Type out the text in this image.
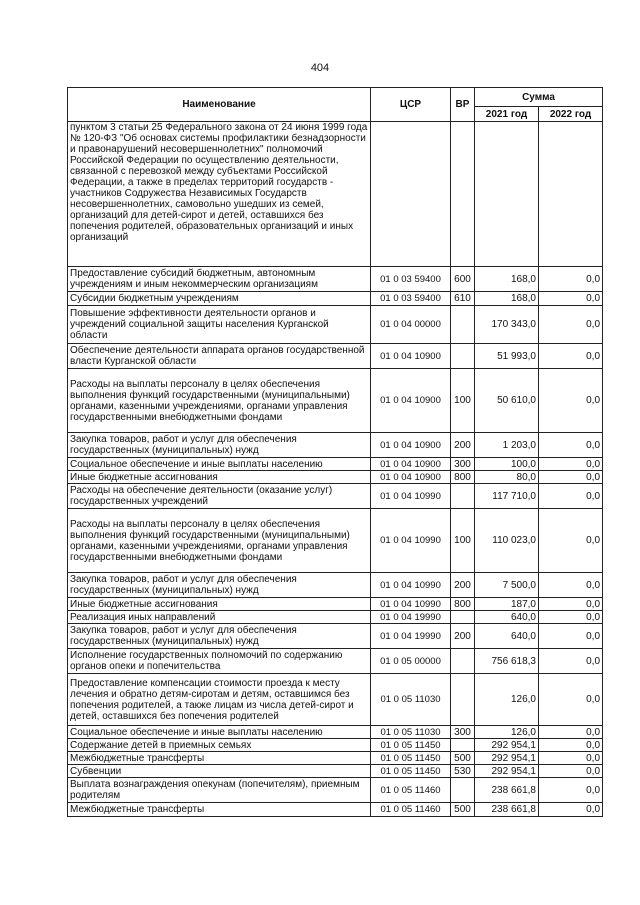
404
Наименование	ЦСР	ВР	Сумма	
			2021 год	2022 год
пунктом 3 статьи 25 Федерального закона от 24 июня 1999 года № 120-ФЗ "Об основах системы профилактики безнадзорности и правонарушений несовершеннолетних" полномочий Российской Федерации по осуществлению деятельности, связанной с перевозкой между субъектами Российской Федерации, а также в пределах территорий государств - участников Содружества Независимых Государств несовершеннолетних, самовольно ушедших из семей, организаций для детей-сирот и детей, оставшихся без попечения родителей, образовательных организаций и иных организаций				
Предоставление субсидий бюджетным, автономным учреждениям и иным некоммерческим организациям	01 0 03 59400	600	168,0	0,0
Субсидии бюджетным учреждениям	01 0 03 59400	610	168,0	0,0
Повышение эффективности деятельности органов и учреждений социальной защиты населения Курганской области	01 0 04 00000		170 343,0	0,0
Обеспечение деятельности аппарата органов государственной власти Курганской области	01 0 04 10900		51 993,0	0,0
Расходы на выплаты персоналу в целях обеспечения выполнения функций государственными (муниципальными) органами, казенными учреждениями, органами управления государственными внебюджетными фондами	01 0 04 10900	100	50 610,0	0,0
Закупка товаров, работ и услуг для обеспечения государственных (муниципальных) нужд	01 0 04 10900	200	1 203,0	0,0
Социальное обеспечение и иные выплаты населению	01 0 04 10900	300	100,0	0,0
Иные бюджетные ассигнования	01 0 04 10900	800	80,0	0,0
Расходы на обеспечение деятельности (оказание услуг) государственных учреждений	01 0 04 10990		117 710,0	0,0
Расходы на выплаты персоналу в целях обеспечения выполнения функций государственными (муниципальными) органами, казенными учреждениями, органами управления государственными внебюджетными фондами	01 0 04 10990	100	110 023,0	0,0
Закупка товаров, работ и услуг для обеспечения государственных (муниципальных) нужд	01 0 04 10990	200	7 500,0	0,0
Иные бюджетные ассигнования	01 0 04 10990	800	187,0	0,0
Реализация иных направлений	01 0 04 19990		640,0	0,0
Закупка товаров, работ и услуг для обеспечения государственных (муниципальных) нужд	01 0 04 19990	200	640,0	0,0
Исполнение государственных полномочий по содержанию органов опеки и попечительства	01 0 05 00000		756 618,3	0,0
Предоставление компенсации стоимости проезда к месту лечения и обратно детям-сиротам и детям, оставшимся без попечения родителей, а также лицам из числа детей-сирот и детей, оставшихся без попечения родителей	01 0 05 11030		126,0	0,0
Социальное обеспечение и иные выплаты населению	01 0 05 11030	300	126,0	0,0
Содержание детей в приемных семьях	01 0 05 11450		292 954,1	0,0
Межбюджетные трансферты	01 0 05 11450	500	292 954,1	0,0
Субвенции	01 0 05 11450	530	292 954,1	0,0
Выплата вознаграждения опекунам (попечителям), приемным родителям	01 0 05 11460		238 661,8	0,0
Межбюджетные трансферты	01 0 05 11460	500	238 661,8	0,0
